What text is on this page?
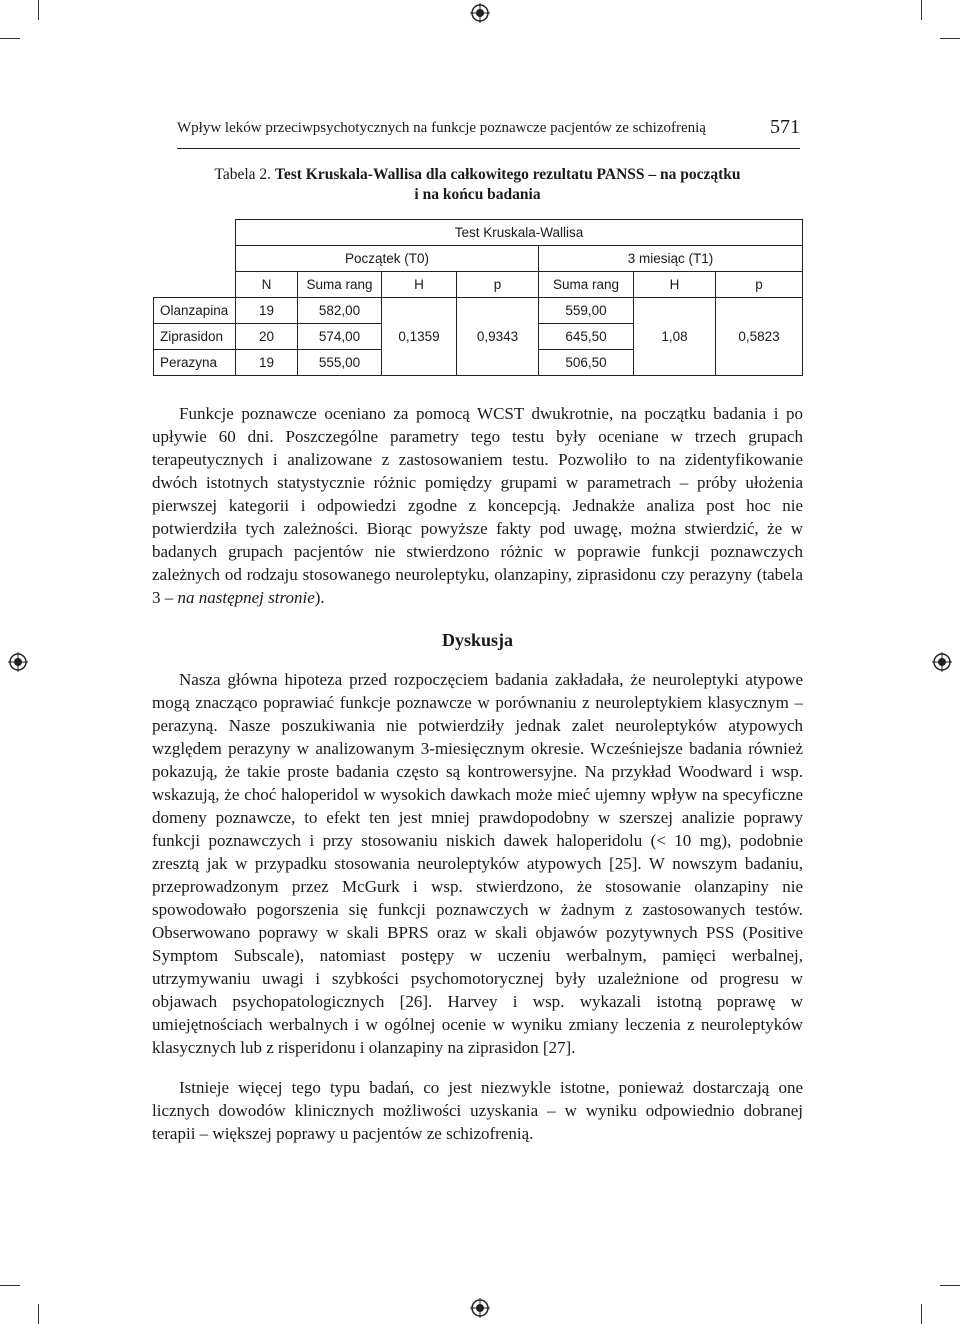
Wpływ leków przeciwpsychotycznych na funkcje poznawcze pacjentów ze schizofrenią	571
Tabela 2. Test Kruskala-Wallisa dla całkowitego rezultatu PANSS – na początku
i na końcu badania
	Test Kruskala-Wallisa						
	Początek (T0)				3 miesiąc (T1)		
	N	Suma rang	H	p	Suma rang	H	p
Olanzapina	19	582,00	0,1359	0,9343	559,00	1,08	0,5823
Ziprasidon	20	574,00			645,50		
Perazyna	19	555,00			506,50		

Funkcje poznawcze oceniano za pomocą WCST dwukrotnie, na początku badania i po upływie 60 dni. Poszczególne parametry tego testu były oceniane w trzech grupach terapeutycznych i analizowane z zastosowaniem testu. Pozwoliło to na zidentyfikowanie dwóch istotnych statystycznie różnic pomiędzy grupami w parametrach – próby ułożenia pierwszej kategorii i odpowiedzi zgodne z koncepcją. Jednakże analiza post hoc nie potwierdziła tych zależności. Biorąc powyższe fakty pod uwagę, można stwierdzić, że w badanych grupach pacjentów nie stwierdzono różnic w poprawie funkcji poznawczych zależnych od rodzaju stosowanego neuroleptyku, olanzapiny, ziprasidonu czy perazyny (tabela 3 – na następnej stronie).

Dyskusja

Nasza główna hipoteza przed rozpoczęciem badania zakładała, że neuroleptyki atypowe mogą znacząco poprawiać funkcje poznawcze w porównaniu z neuroleptykiem klasycznym – perazyną. Nasze poszukiwania nie potwierdziły jednak zalet neuroleptyków atypowych względem perazyny w analizowanym 3-miesięcznym okresie. Wcześniejsze badania również pokazują, że takie proste badania często są kontrowersyjne. Na przykład Woodward i wsp. wskazują, że choć haloperidol w wysokich dawkach może mieć ujemny wpływ na specyficzne domeny poznawcze, to efekt ten jest mniej prawdopodobny w szerszej analizie poprawy funkcji poznawczych i przy stosowaniu niskich dawek haloperidolu (< 10 mg), podobnie zresztą jak w przypadku stosowania neuroleptyków atypowych [25]. W nowszym badaniu, przeprowadzonym przez McGurk i wsp. stwierdzono, że stosowanie olanzapiny nie spowodowało pogorszenia się funkcji poznawczych w żadnym z zastosowanych testów. Obserwowano poprawy w skali BPRS oraz w skali objawów pozytywnych PSS (Positive Symptom Subscale), natomiast postępy w uczeniu werbalnym, pamięci werbalnej, utrzymywaniu uwagi i szybkości psychomotorycznej były uzależnione od progresu w objawach psychopatologicznych [26]. Harvey i wsp. wykazali istotną poprawę w umiejętnościach werbalnych i w ogólnej ocenie w wyniku zmiany leczenia z neuroleptyków klasycznych lub z risperidonu i olanzapiny na ziprasidon [27].

Istnieje więcej tego typu badań, co jest niezwykle istotne, ponieważ dostarczają one licznych dowodów klinicznych możliwości uzyskania – w wyniku odpowiednio dobranej terapii – większej poprawy u pacjentów ze schizofrenią.
